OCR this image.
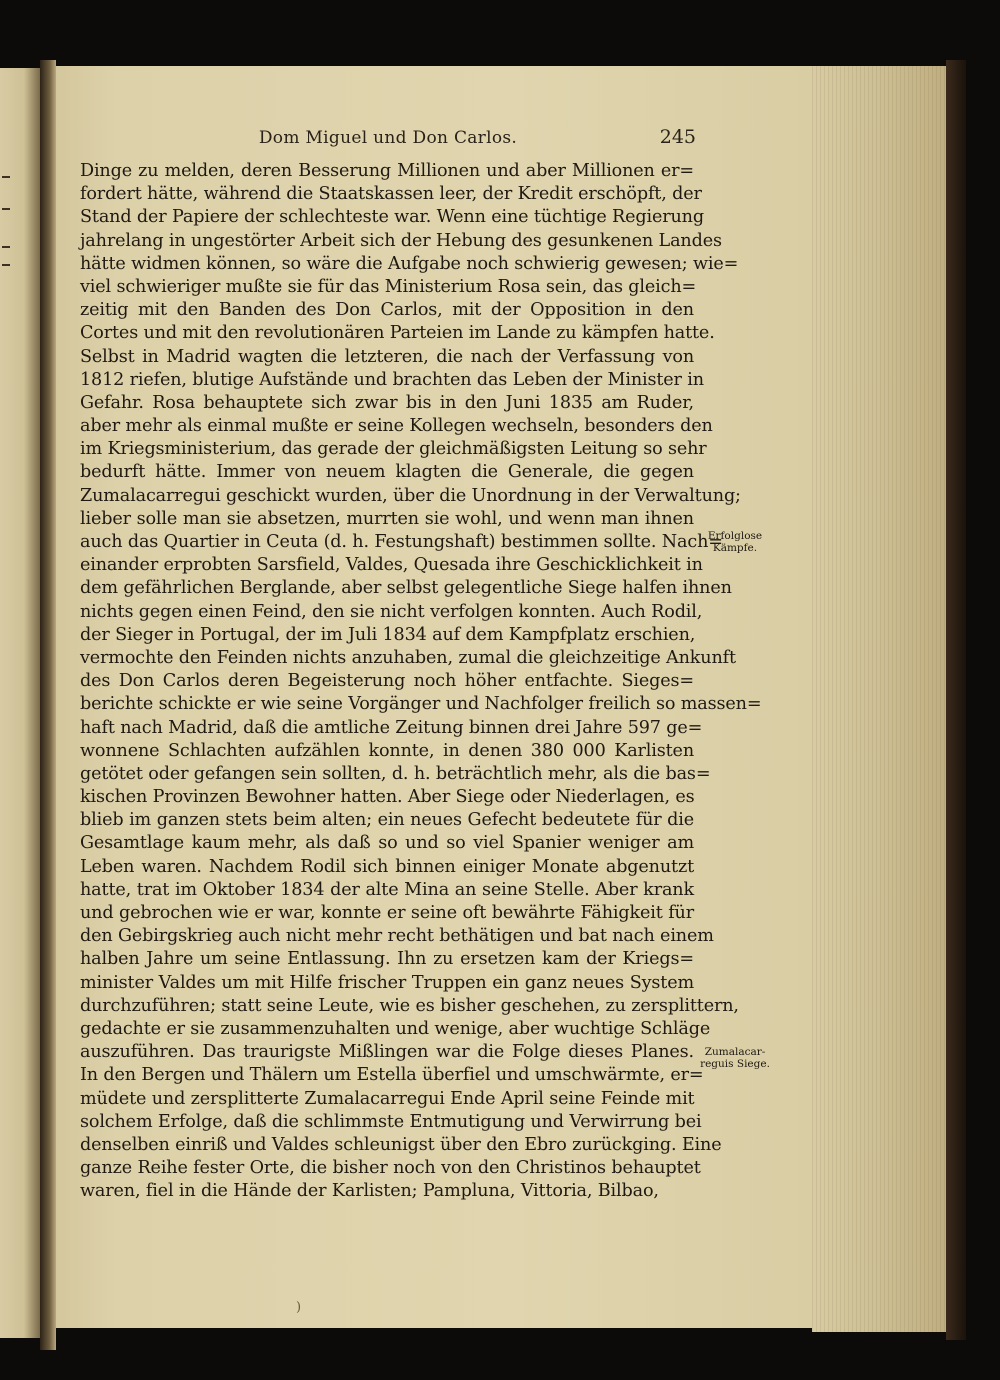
Dom Miguel und Don Carlos.	245
Dinge zu melden, deren Besserung Millionen und aber Millionen er=
fordert hätte, während die Staatskassen leer, der Kredit erschöpft, der
Stand der Papiere der schlechteste war. Wenn eine tüchtige Regierung
jahrelang in ungestörter Arbeit sich der Hebung des gesunkenen Landes
hätte widmen können, so wäre die Aufgabe noch schwierig gewesen; wie=
viel schwieriger mußte sie für das Ministerium Rosa sein, das gleich=
zeitig mit den Banden des Don Carlos, mit der Opposition in den
Cortes und mit den revolutionären Parteien im Lande zu kämpfen hatte.
Selbst in Madrid wagten die letzteren, die nach der Verfassung von
1812 riefen, blutige Aufstände und brachten das Leben der Minister in
Gefahr. Rosa behauptete sich zwar bis in den Juni 1835 am Ruder,
aber mehr als einmal mußte er seine Kollegen wechseln, besonders den
im Kriegsministerium, das gerade der gleichmäßigsten Leitung so sehr
bedurft hätte. Immer von neuem klagten die Generale, die gegen
Zumalacarregui geschickt wurden, über die Unordnung in der Verwaltung;
lieber solle man sie absetzen, murrten sie wohl, und wenn man ihnen
auch das Quartier in Ceuta (d. h. Festungshaft) bestimmen sollte. Nach=
einander erprobten Sarsfield, Valdes, Quesada ihre Geschicklichkeit in
dem gefährlichen Berglande, aber selbst gelegentliche Siege halfen ihnen
nichts gegen einen Feind, den sie nicht verfolgen konnten. Auch Rodil,
der Sieger in Portugal, der im Juli 1834 auf dem Kampfplatz erschien,
vermochte den Feinden nichts anzuhaben, zumal die gleichzeitige Ankunft
des Don Carlos deren Begeisterung noch höher entfachte. Sieges=
berichte schickte er wie seine Vorgänger und Nachfolger freilich so massen=
haft nach Madrid, daß die amtliche Zeitung binnen drei Jahre 597 ge=
wonnene Schlachten aufzählen konnte, in denen 380 000 Karlisten
getötet oder gefangen sein sollten, d. h. beträchtlich mehr, als die bas=
kischen Provinzen Bewohner hatten. Aber Siege oder Niederlagen, es
blieb im ganzen stets beim alten; ein neues Gefecht bedeutete für die
Gesamtlage kaum mehr, als daß so und so viel Spanier weniger am
Leben waren. Nachdem Rodil sich binnen einiger Monate abgenutzt
hatte, trat im Oktober 1834 der alte Mina an seine Stelle. Aber krank
und gebrochen wie er war, konnte er seine oft bewährte Fähigkeit für
den Gebirgskrieg auch nicht mehr recht bethätigen und bat nach einem
halben Jahre um seine Entlassung. Ihn zu ersetzen kam der Kriegs=
minister Valdes um mit Hilfe frischer Truppen ein ganz neues System
durchzuführen; statt seine Leute, wie es bisher geschehen, zu zersplittern,
gedachte er sie zusammenzuhalten und wenige, aber wuchtige Schläge
auszuführen. Das traurigste Mißlingen war die Folge dieses Planes.
In den Bergen und Thälern um Estella überfiel und umschwärmte, er=
müdete und zersplitterte Zumalacarregui Ende April seine Feinde mit
solchem Erfolge, daß die schlimmste Entmutigung und Verwirrung bei
denselben einriß und Valdes schleunigst über den Ebro zurückging. Eine
ganze Reihe fester Orte, die bisher noch von den Christinos behauptet
waren, fiel in die Hände der Karlisten; Pampluna, Vittoria, Bilbao,
Erfolglose
Kämpfe.
Zumalacar-
reguis Siege.
)
